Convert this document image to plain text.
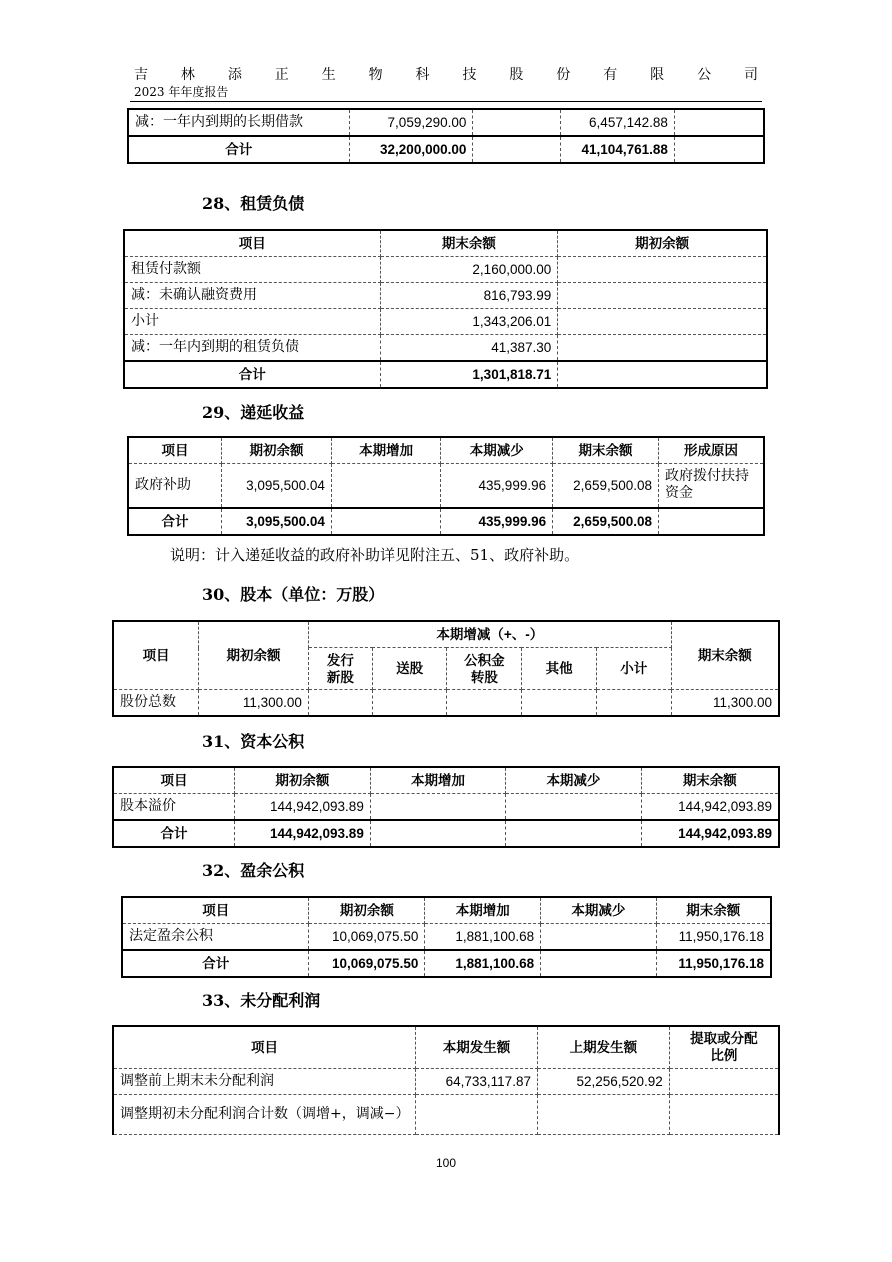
吉 林 添 正 生 物 科 技 股 份 有 限 公 司
2023 年年度报告
减：一年内到期的长期借款	7,059,290.00		6,457,142.88	
合计	32,200,000.00		41,104,761.88	
28、租赁负债
项目	期末余额	期初余额
租赁付款额	2,160,000.00	
减：未确认融资费用	816,793.99	
小计	1,343,206.01	
减：一年内到期的租赁负债	41,387.30	
合计	1,301,818.71	
29、递延收益
项目	期初余额	本期增加	本期减少	期末余额	形成原因
政府补助	3,095,500.04		435,999.96	2,659,500.08	政府拨付扶持资金
合计	3,095,500.04		435,999.96	2,659,500.08	
说明：计入递延收益的政府补助详见附注五、51、政府补助。
30、股本（单位：万股）
项目	期初余额	本期增减（+、-）					期末余额
		发行新股	送股	公积金转股	其他	小计	
股份总数	11,300.00						11,300.00
31、资本公积
项目	期初余额	本期增加	本期减少	期末余额
股本溢价	144,942,093.89			144,942,093.89
合计	144,942,093.89			144,942,093.89
32、盈余公积
项目	期初余额	本期增加	本期减少	期末余额
法定盈余公积	10,069,075.50	1,881,100.68		11,950,176.18
合计	10,069,075.50	1,881,100.68		11,950,176.18
33、未分配利润
项目	本期发生额	上期发生额	提取或分配比例
调整前上期末未分配利润	64,733,117.87	52,256,520.92	
调整期初未分配利润合计数（调增+，调减−）			
100
